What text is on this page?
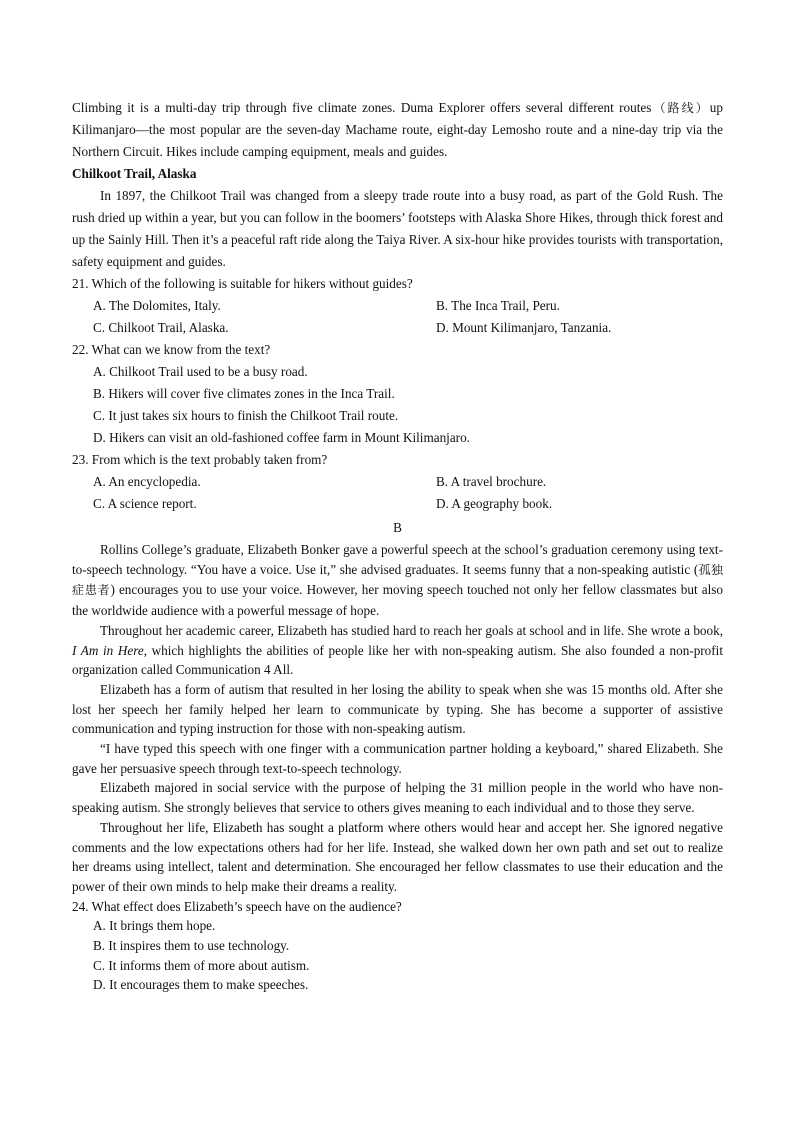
Climbing it is a multi-day trip through five climate zones. Duma Explorer offers several different routes（路线）up Kilimanjaro—the most popular are the seven-day Machame route, eight-day Lemosho route and a nine-day trip via the Northern Circuit. Hikes include camping equipment, meals and guides.

Chilkoot Trail, Alaska

In 1897, the Chilkoot Trail was changed from a sleepy trade route into a busy road, as part of the Gold Rush. The rush dried up within a year, but you can follow in the boomers’ footsteps with Alaska Shore Hikes, through thick forest and up the Sainly Hill. Then it’s a peaceful raft ride along the Taiya River. A six-hour hike provides tourists with transportation, safety equipment and guides.

21. Which of the following is suitable for hikers without guides?

A. The Dolomites, Italy.	B. The Inca Trail, Peru.
C. Chilkoot Trail, Alaska.	D. Mount Kilimanjaro, Tanzania.

22. What can we know from the text?

A. Chilkoot Trail used to be a busy road.
B. Hikers will cover five climates zones in the Inca Trail.
C. It just takes six hours to finish the Chilkoot Trail route.
D. Hikers can visit an old-fashioned coffee farm in Mount Kilimanjaro.

23. From which is the text probably taken from?

A. An encyclopedia.	B. A travel brochure.
C. A science report.	D. A geography book.
B

Rollins College’s graduate, Elizabeth Bonker gave a powerful speech at the school’s graduation ceremony using text-to-speech technology. “You have a voice. Use it,” she advised graduates. It seems funny that a non-speaking autistic (孤独症患者) encourages you to use your voice. However, her moving speech touched not only her fellow classmates but also the worldwide audience with a powerful message of hope.

Throughout her academic career, Elizabeth has studied hard to reach her goals at school and in life. She wrote a book, I Am in Here, which highlights the abilities of people like her with non-speaking autism. She also founded a non-profit organization called Communication 4 All.

Elizabeth has a form of autism that resulted in her losing the ability to speak when she was 15 months old. After she lost her speech her family helped her learn to communicate by typing. She has become a supporter of assistive communication and typing instruction for those with non-speaking autism.

“I have typed this speech with one finger with a communication partner holding a keyboard,” shared Elizabeth. She gave her persuasive speech through text-to-speech technology.

Elizabeth majored in social service with the purpose of helping the 31 million people in the world who have non-speaking autism. She strongly believes that service to others gives meaning to each individual and to those they serve.

Throughout her life, Elizabeth has sought a platform where others would hear and accept her. She ignored negative comments and the low expectations others had for her life. Instead, she walked down her own path and set out to realize her dreams using intellect, talent and determination. She encouraged her fellow classmates to use their education and the power of their own minds to help make their dreams a reality.

24. What effect does Elizabeth’s speech have on the audience?

A. It brings them hope.
B. It inspires them to use technology.
C. It informs them of more about autism.
D. It encourages them to make speeches.
